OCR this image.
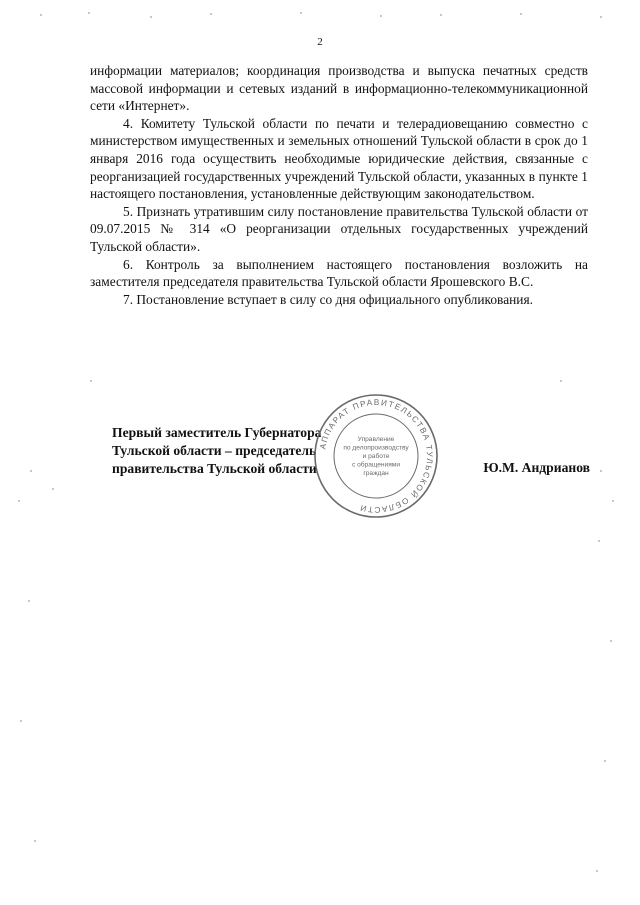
2

информации материалов; координация производства и выпуска печатных средств массовой информации и сетевых изданий в информационно-телекоммуникационной сети «Интернет».

4. Комитету Тульской области по печати и телерадиовещанию совместно с министерством имущественных и земельных отношений Тульской области в срок до 1 января 2016 года осуществить необходимые юридические действия, связанные с реорганизацией государственных учреждений Тульской области, указанных в пункте 1 настоящего постановления, установленные действующим законодательством.

5. Признать утратившим силу постановление правительства Тульской области от 09.07.2015 № 314 «О реорганизации отдельных государственных учреждений Тульской области».

6. Контроль за выполнением настоящего постановления возложить на заместителя председателя правительства Тульской области Ярошевского В.С.

7. Постановление вступает в силу со дня официального опубликования.

Первый заместитель Губернатора
Тульской области – председатель
правительства Тульской области	Ю.М. Андрианов
АППАРАТ ПРАВИТЕЛЬСТВА ТУЛЬСКОЙ ОБЛАСТИ
Управление
по делопроизводству
и работе
с обращениями
граждан
